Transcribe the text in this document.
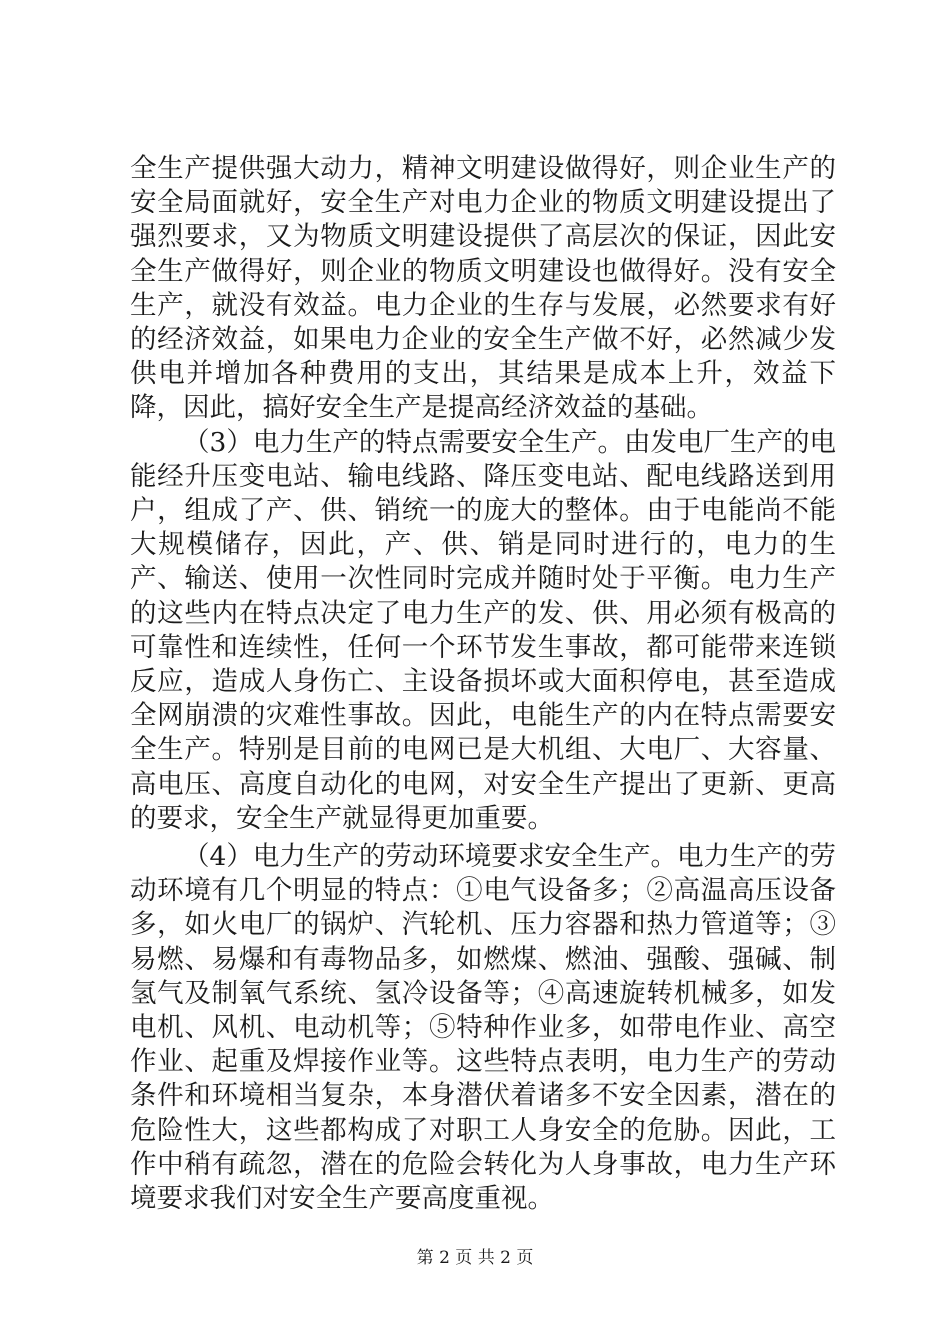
全生产提供强大动力，精神文明建设做得好，则企业生产的安全局面就好，安全生产对电力企业的物质文明建设提出了强烈要求，又为物质文明建设提供了高层次的保证，因此安全生产做得好，则企业的物质文明建设也做得好。没有安全生产，就没有效益。电力企业的生存与发展，必然要求有好的经济效益，如果电力企业的安全生产做不好，必然减少发供电并增加各种费用的支出，其结果是成本上升，效益下降，因此，搞好安全生产是提高经济效益的基础。

（3）电力生产的特点需要安全生产。由发电厂生产的电能经升压变电站、输电线路、降压变电站、配电线路送到用户，组成了产、供、销统一的庞大的整体。由于电能尚不能大规模储存，因此，产、供、销是同时进行的，电力的生产、输送、使用一次性同时完成并随时处于平衡。电力生产的这些内在特点决定了电力生产的发、供、用必须有极高的可靠性和连续性，任何一个环节发生事故，都可能带来连锁反应，造成人身伤亡、主设备损坏或大面积停电，甚至造成全网崩溃的灾难性事故。因此，电能生产的内在特点需要安全生产。特别是目前的电网已是大机组、大电厂、大容量、高电压、高度自动化的电网，对安全生产提出了更新、更高的要求，安全生产就显得更加重要。

（4）电力生产的劳动环境要求安全生产。电力生产的劳动环境有几个明显的特点：①电气设备多；②高温高压设备多，如火电厂的锅炉、汽轮机、压力容器和热力管道等；③易燃、易爆和有毒物品多，如燃煤、燃油、强酸、强碱、制氢气及制氧气系统、氢冷设备等；④高速旋转机械多，如发电机、风机、电动机等；⑤特种作业多，如带电作业、高空作业、起重及焊接作业等。这些特点表明，电力生产的劳动条件和环境相当复杂，本身潜伏着诸多不安全因素，潜在的危险性大，这些都构成了对职工人身安全的危胁。因此，工作中稍有疏忽，潜在的危险会转化为人身事故，电力生产环境要求我们对安全生产要高度重视。

第 2 页 共 2 页
